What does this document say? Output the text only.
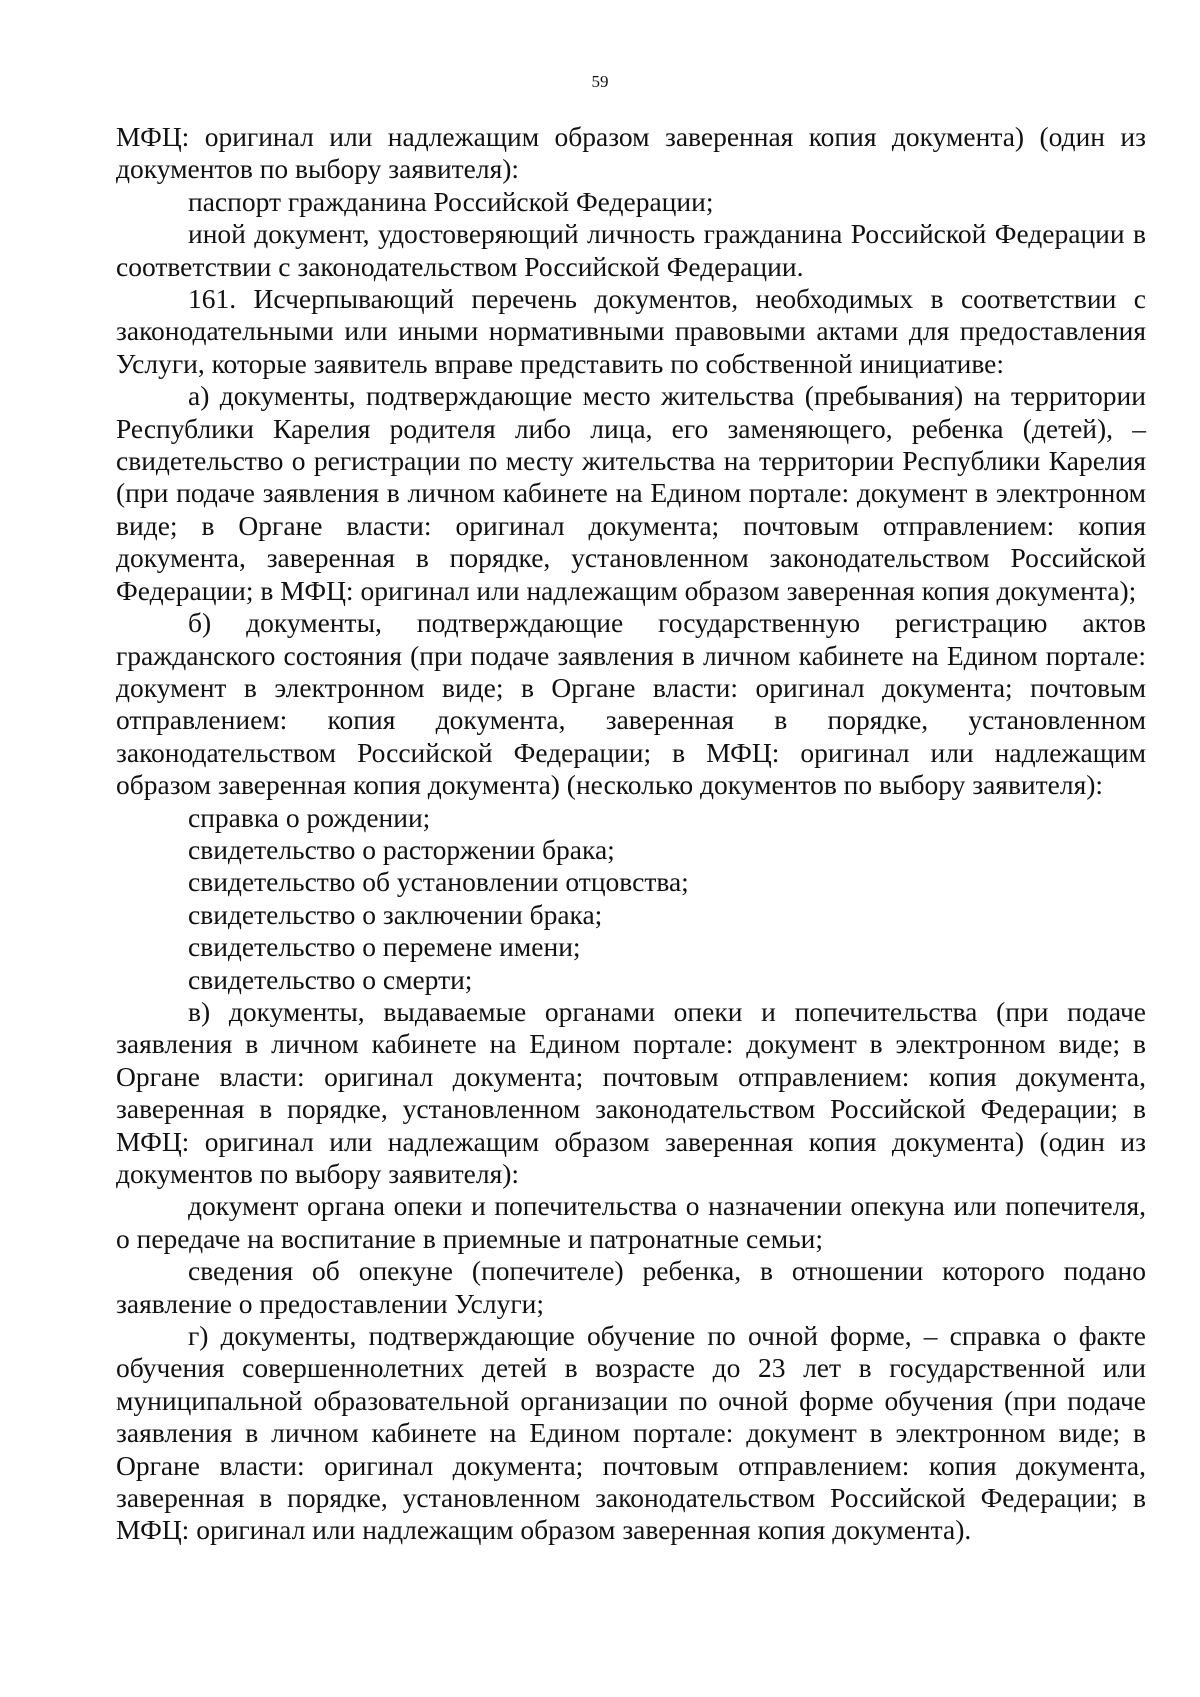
59

МФЦ: оригинал или надлежащим образом заверенная копия документа) (один из документов по выбору заявителя):

паспорт гражданина Российской Федерации;

иной документ, удостоверяющий личность гражданина Российской Федерации в соответствии с законодательством Российской Федерации.

161. Исчерпывающий перечень документов, необходимых в соответствии с законодательными или иными нормативными правовыми актами для предоставления Услуги, которые заявитель вправе представить по собственной инициативе:

а) документы, подтверждающие место жительства (пребывания) на территории Республики Карелия родителя либо лица, его заменяющего, ребенка (детей), – свидетельство о регистрации по месту жительства на территории Республики Карелия (при подаче заявления в личном кабинете на Едином портале: документ в электронном виде; в Органе власти: оригинал документа; почтовым отправлением: копия документа, заверенная в порядке, установленном законодательством Российской Федерации; в МФЦ: оригинал или надлежащим образом заверенная копия документа);

б) документы, подтверждающие государственную регистрацию актов гражданского состояния (при подаче заявления в личном кабинете на Едином портале: документ в электронном виде; в Органе власти: оригинал документа; почтовым отправлением: копия документа, заверенная в порядке, установленном законодательством Российской Федерации; в МФЦ: оригинал или надлежащим образом заверенная копия документа) (несколько документов по выбору заявителя):

справка о рождении;

свидетельство о расторжении брака;

свидетельство об установлении отцовства;

свидетельство о заключении брака;

свидетельство о перемене имени;

свидетельство о смерти;

в) документы, выдаваемые органами опеки и попечительства (при подаче заявления в личном кабинете на Едином портале: документ в электронном виде; в Органе власти: оригинал документа; почтовым отправлением: копия документа, заверенная в порядке, установленном законодательством Российской Федерации; в МФЦ: оригинал или надлежащим образом заверенная копия документа) (один из документов по выбору заявителя):

документ органа опеки и попечительства о назначении опекуна или попечителя, о передаче на воспитание в приемные и патронатные семьи;

сведения об опекуне (попечителе) ребенка, в отношении которого подано заявление о предоставлении Услуги;

г) документы, подтверждающие обучение по очной форме, – справка о факте обучения совершеннолетних детей в возрасте до 23 лет в государственной или муниципальной образовательной организации по очной форме обучения (при подаче заявления в личном кабинете на Едином портале: документ в электронном виде; в Органе власти: оригинал документа; почтовым отправлением: копия документа, заверенная в порядке, установленном законодательством Российской Федерации; в МФЦ: оригинал или надлежащим образом заверенная копия документа).
